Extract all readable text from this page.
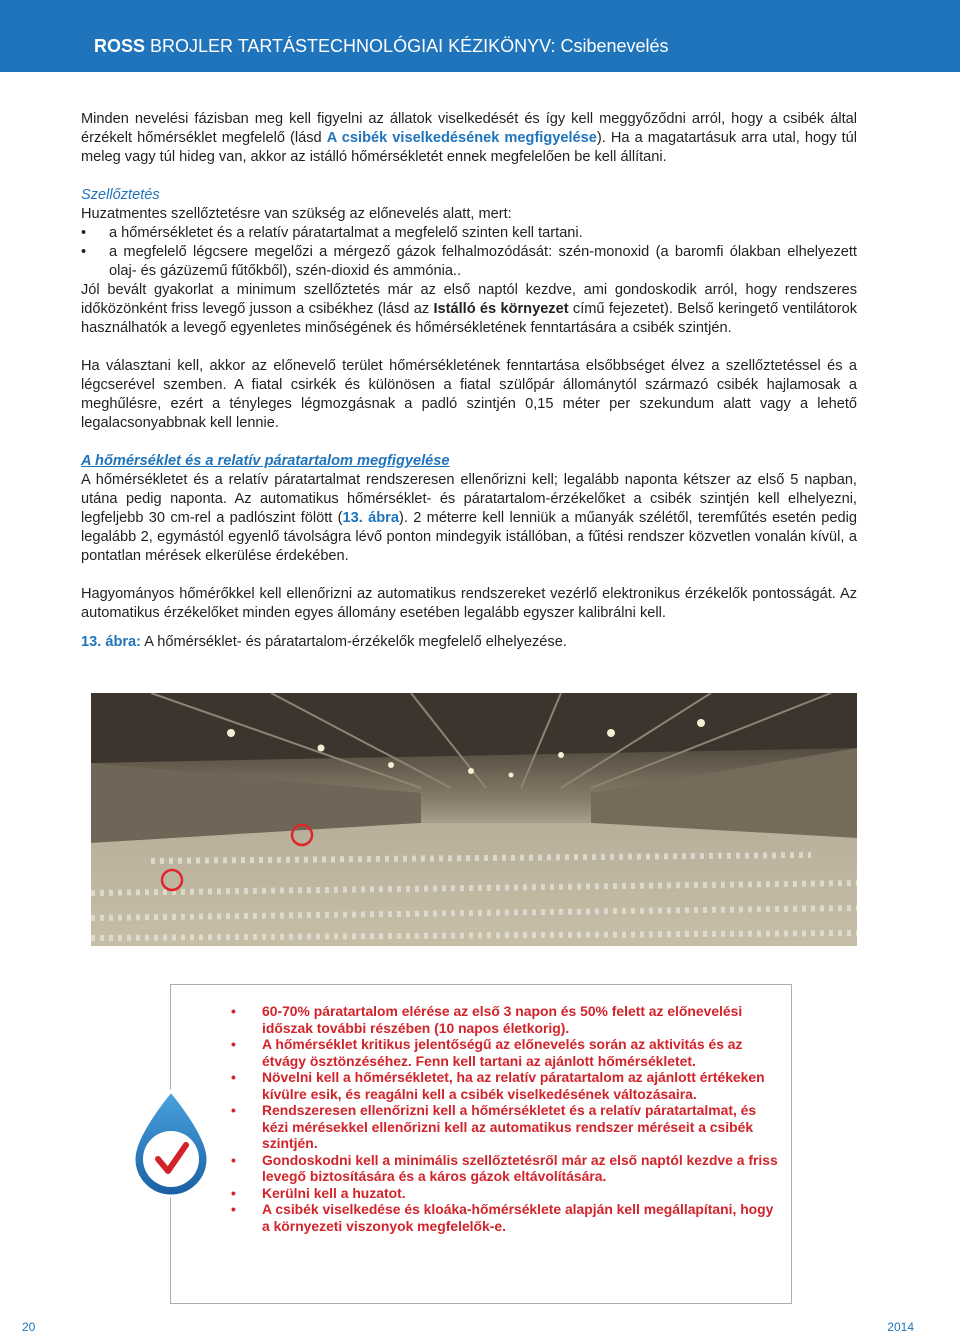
ROSS BROJLER TARTÁSTECHNOLÓGIAI KÉZIKÖNYV: Csibenevelés

Minden nevelési fázisban meg kell figyelni az állatok viselkedését és így kell meggyőződni arról, hogy a csibék által érzékelt hőmérséklet megfelelő (lásd A csibék viselkedésének megfigyelése). Ha a magatartásuk arra utal, hogy túl meleg vagy túl hideg van, akkor az istálló hőmérsékletét ennek megfelelően be kell állítani.

Szellőztetés

Huzatmentes szellőztetésre van szükség az előnevelés alatt, mert:

• a hőmérsékletet és a relatív páratartalmat a megfelelő szinten kell tartani.
• a megfelelő légcsere megelőzi a mérgező gázok felhalmozódását: szén-monoxid (a baromfi ólakban elhelyezett olaj- és gázüzemű fűtőkből), szén-dioxid és ammónia..

Jól bevált gyakorlat a minimum szellőztetés már az első naptól kezdve, ami gondoskodik arról, hogy rendszeres időközönként friss levegő jusson a csibékhez (lásd az Istálló és környezet című fejezetet). Belső keringető ventilátorok használhatók a levegő egyenletes minőségének és hőmérsékletének fenntartására a csibék szintjén.

Ha választani kell, akkor az előnevelő terület hőmérsékletének fenntartása elsőbbséget élvez a szellőztetéssel és a légcserével szemben. A fiatal csirkék és különösen a fiatal szülőpár állománytól származó csibék hajlamosak a meghűlésre, ezért a tényleges légmozgásnak a padló szintjén 0,15 méter per szekundum alatt vagy a lehető legalacsonyabbnak kell lennie.

A hőmérséklet és a relatív páratartalom megfigyelése

A hőmérsékletet és a relatív páratartalmat rendszeresen ellenőrizni kell; legalább naponta kétszer az első 5 napban, utána pedig naponta. Az automatikus hőmérséklet- és páratartalom-érzékelőket a csibék szintjén kell elhelyezni, legfeljebb 30 cm-rel a padlószint fölött (13. ábra). 2 méterre kell lenniük a műanyák szélétől, teremfűtés esetén pedig legalább 2, egymástól egyenlő távolságra lévő ponton mindegyik istállóban, a fűtési rendszer közvetlen vonalán kívül, a pontatlan mérések elkerülése érdekében.

Hagyományos hőmérőkkel kell ellenőrizni az automatikus rendszereket vezérlő elektronikus érzékelők pontosságát. Az automatikus érzékelőket minden egyes állomány esetében legalább egyszer kalibrálni kell.

13. ábra: A hőmérséklet- és páratartalom-érzékelők megfelelő elhelyezése.
• 60-70% páratartalom elérése az első 3 napon és 50% felett az előnevelési időszak további részében (10 napos életkorig).
• A hőmérséklet kritikus jelentőségű az előnevelés során az aktivitás és az étvágy ösztönzéséhez. Fenn kell tartani az ajánlott hőmérsékletet.
• Növelni kell a hőmérsékletet, ha az relatív páratartalom az ajánlott értékeken kívülre esik, és reagálni kell a csibék viselkedésének változásaira.
• Rendszeresen ellenőrizni kell a hőmérsékletet és a relatív páratartalmat, és kézi mérésekkel ellenőrizni kell az automatikus rendszer méréseit a csibék szintjén.
• Gondoskodni kell a minimális szellőztetésről már az első naptól kezdve a friss levegő biztosítására és a káros gázok eltávolítására.
• Kerülni kell a huzatot.
• A csibék viselkedése és kloáka-hőmérséklete alapján kell megállapítani, hogy a környezeti viszonyok megfelelők-e.
20	2014
